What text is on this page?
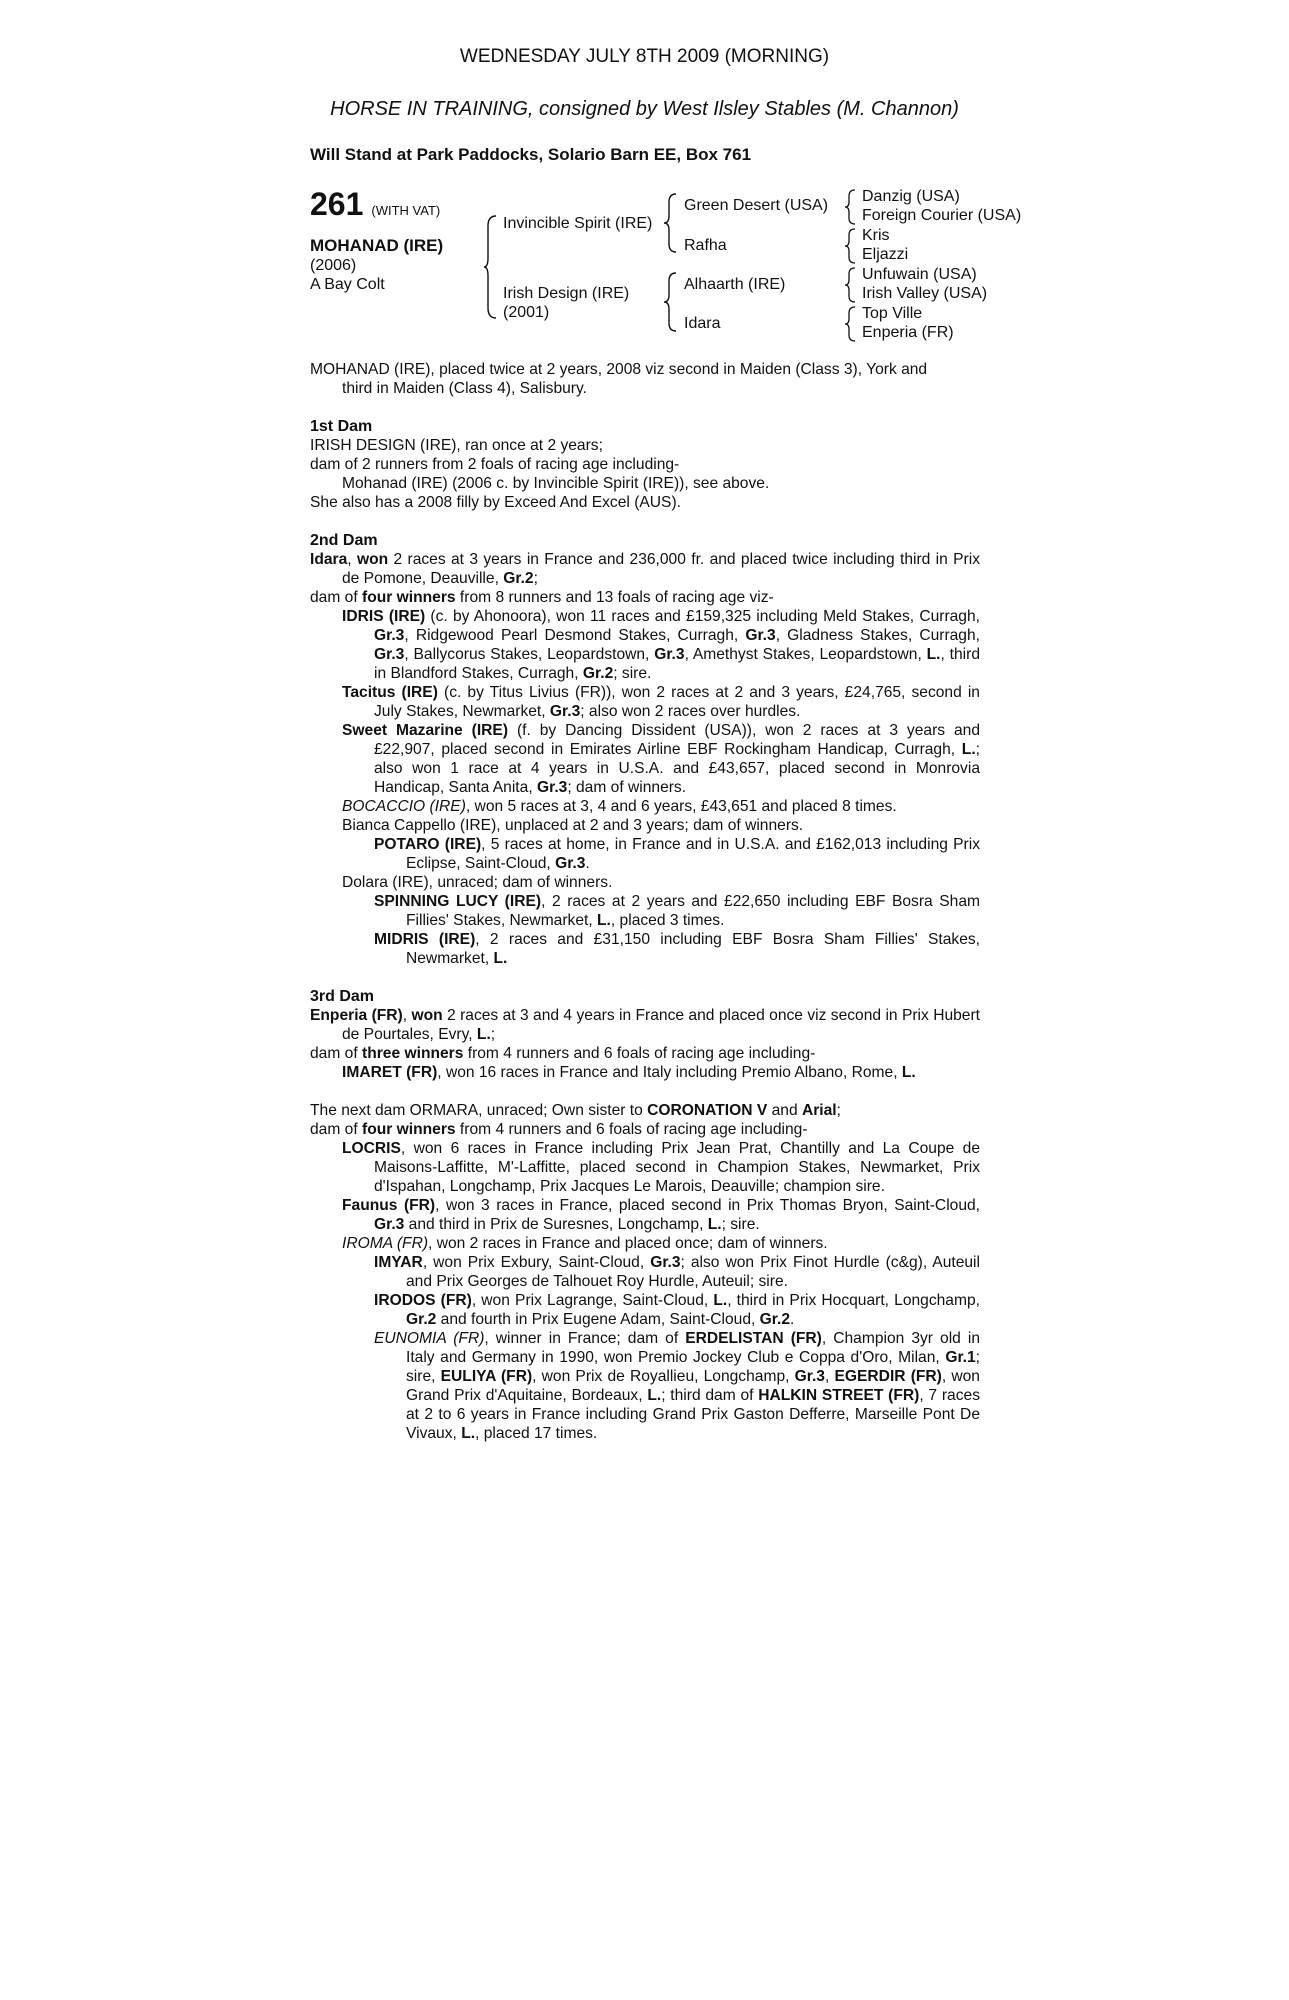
WEDNESDAY JULY 8TH 2009 (MORNING)
HORSE IN TRAINING, consigned by West Ilsley Stables (M. Channon)
Will Stand at Park Paddocks, Solario Barn EE, Box 761
261 (WITH VAT)
MOHANAD (IRE)
(2006)
A Bay Colt
Invincible Spirit (IRE)
Irish Design (IRE)
(2001)
Green Desert (USA)
Rafha
Alhaarth (IRE)
Idara
Danzig (USA)
Foreign Courier (USA)
Kris
Eljazzi
Unfuwain (USA)
Irish Valley (USA)
Top Ville
Enperia (FR)

MOHANAD (IRE), placed twice at 2 years, 2008 viz second in Maiden (Class 3), York and

third in Maiden (Class 4), Salisbury.

1st Dam

IRISH DESIGN (IRE), ran once at 2 years;

dam of 2 runners from 2 foals of racing age including-

Mohanad (IRE) (2006 c. by Invincible Spirit (IRE)), see above.

She also has a 2008 filly by Exceed And Excel (AUS).

2nd Dam

Idara, won 2 races at 3 years in France and 236,000 fr. and placed twice including third in Prix de Pomone, Deauville, Gr.2;

dam of four winners from 8 runners and 13 foals of racing age viz-

IDRIS (IRE) (c. by Ahonoora), won 11 races and £159,325 including Meld Stakes, Curragh, Gr.3, Ridgewood Pearl Desmond Stakes, Curragh, Gr.3, Gladness Stakes, Curragh, Gr.3, Ballycorus Stakes, Leopardstown, Gr.3, Amethyst Stakes, Leopardstown, L., third in Blandford Stakes, Curragh, Gr.2; sire.

Tacitus (IRE) (c. by Titus Livius (FR)), won 2 races at 2 and 3 years, £24,765, second in July Stakes, Newmarket, Gr.3; also won 2 races over hurdles.

Sweet Mazarine (IRE) (f. by Dancing Dissident (USA)), won 2 races at 3 years and £22,907, placed second in Emirates Airline EBF Rockingham Handicap, Curragh, L.; also won 1 race at 4 years in U.S.A. and £43,657, placed second in Monrovia Handicap, Santa Anita, Gr.3; dam of winners.

BOCACCIO (IRE), won 5 races at 3, 4 and 6 years, £43,651 and placed 8 times.

Bianca Cappello (IRE), unplaced at 2 and 3 years; dam of winners.

POTARO (IRE), 5 races at home, in France and in U.S.A. and £162,013 including Prix Eclipse, Saint-Cloud, Gr.3.

Dolara (IRE), unraced; dam of winners.

SPINNING LUCY (IRE), 2 races at 2 years and £22,650 including EBF Bosra Sham Fillies' Stakes, Newmarket, L., placed 3 times.

MIDRIS (IRE), 2 races and £31,150 including EBF Bosra Sham Fillies' Stakes, Newmarket, L.

3rd Dam

Enperia (FR), won 2 races at 3 and 4 years in France and placed once viz second in Prix Hubert de Pourtales, Evry, L.;

dam of three winners from 4 runners and 6 foals of racing age including-

IMARET (FR), won 16 races in France and Italy including Premio Albano, Rome, L.

The next dam ORMARA, unraced; Own sister to CORONATION V and Arial;

dam of four winners from 4 runners and 6 foals of racing age including-

LOCRIS, won 6 races in France including Prix Jean Prat, Chantilly and La Coupe de Maisons-Laffitte, M'-Laffitte, placed second in Champion Stakes, Newmarket, Prix d'Ispahan, Longchamp, Prix Jacques Le Marois, Deauville; champion sire.

Faunus (FR), won 3 races in France, placed second in Prix Thomas Bryon, Saint-Cloud, Gr.3 and third in Prix de Suresnes, Longchamp, L.; sire.

IROMA (FR), won 2 races in France and placed once; dam of winners.

IMYAR, won Prix Exbury, Saint-Cloud, Gr.3; also won Prix Finot Hurdle (c&g), Auteuil and Prix Georges de Talhouet Roy Hurdle, Auteuil; sire.

IRODOS (FR), won Prix Lagrange, Saint-Cloud, L., third in Prix Hocquart, Longchamp, Gr.2 and fourth in Prix Eugene Adam, Saint-Cloud, Gr.2.

EUNOMIA (FR), winner in France; dam of ERDELISTAN (FR), Champion 3yr old in Italy and Germany in 1990, won Premio Jockey Club e Coppa d'Oro, Milan, Gr.1; sire, EULIYA (FR), won Prix de Royallieu, Longchamp, Gr.3, EGERDIR (FR), won Grand Prix d'Aquitaine, Bordeaux, L.; third dam of HALKIN STREET (FR), 7 races at 2 to 6 years in France including Grand Prix Gaston Defferre, Marseille Pont De Vivaux, L., placed 17 times.
